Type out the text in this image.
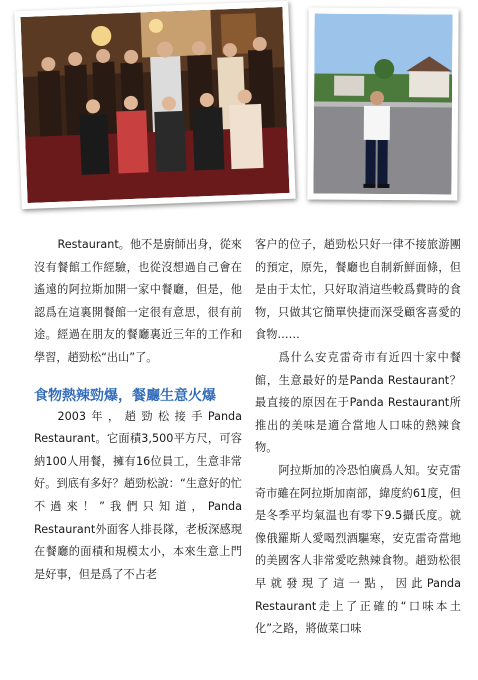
Restaurant。他不是廚師出身，從來沒有餐館工作經驗，也從沒想過自己會在遙遠的阿拉斯加開一家中餐廳，但是，他認爲在這裏開餐館一定很有意思，很有前途。經過在朋友的餐廳裏近三年的工作和學習，趙勁松“出山”了。

食物熱辣勁爆，餐廳生意火爆

2003年，趙勁松接手Panda Restaurant。它面積3,500平方尺，可容納100人用餐，擁有16位員工，生意非常好。到底有多好？趙勁松說：“生意好的忙不過來！”我們只知道，Panda Restaurant外面客人排長隊，老板深感現在餐廳的面積和規模太小，本來生意上門是好事，但是爲了不占老

客户的位子，趙勁松只好一律不接旅游團的預定，原先，餐廳也自制新鮮面條，但是由于太忙，只好取消這些較爲費時的食物，只做其它簡單快捷而深受顧客喜愛的食物……

爲什么安克雷奇市有近四十家中餐館，生意最好的是Panda Restaurant？最直接的原因在于Panda Restaurant所推出的美味是適合當地人口味的熱辣食物。

阿拉斯加的冷恐怕廣爲人知。安克雷奇市雖在阿拉斯加南部，緯度約61度，但是冬季平均氣温也有零下9.5攝氏度。就像俄羅斯人愛喝烈酒驅寒，安克雷奇當地的美國客人非常愛吃熱辣食物。趙勁松很早就發現了這一點，因此Panda Restaurant走上了正確的“口味本土化”之路，將做菜口味
